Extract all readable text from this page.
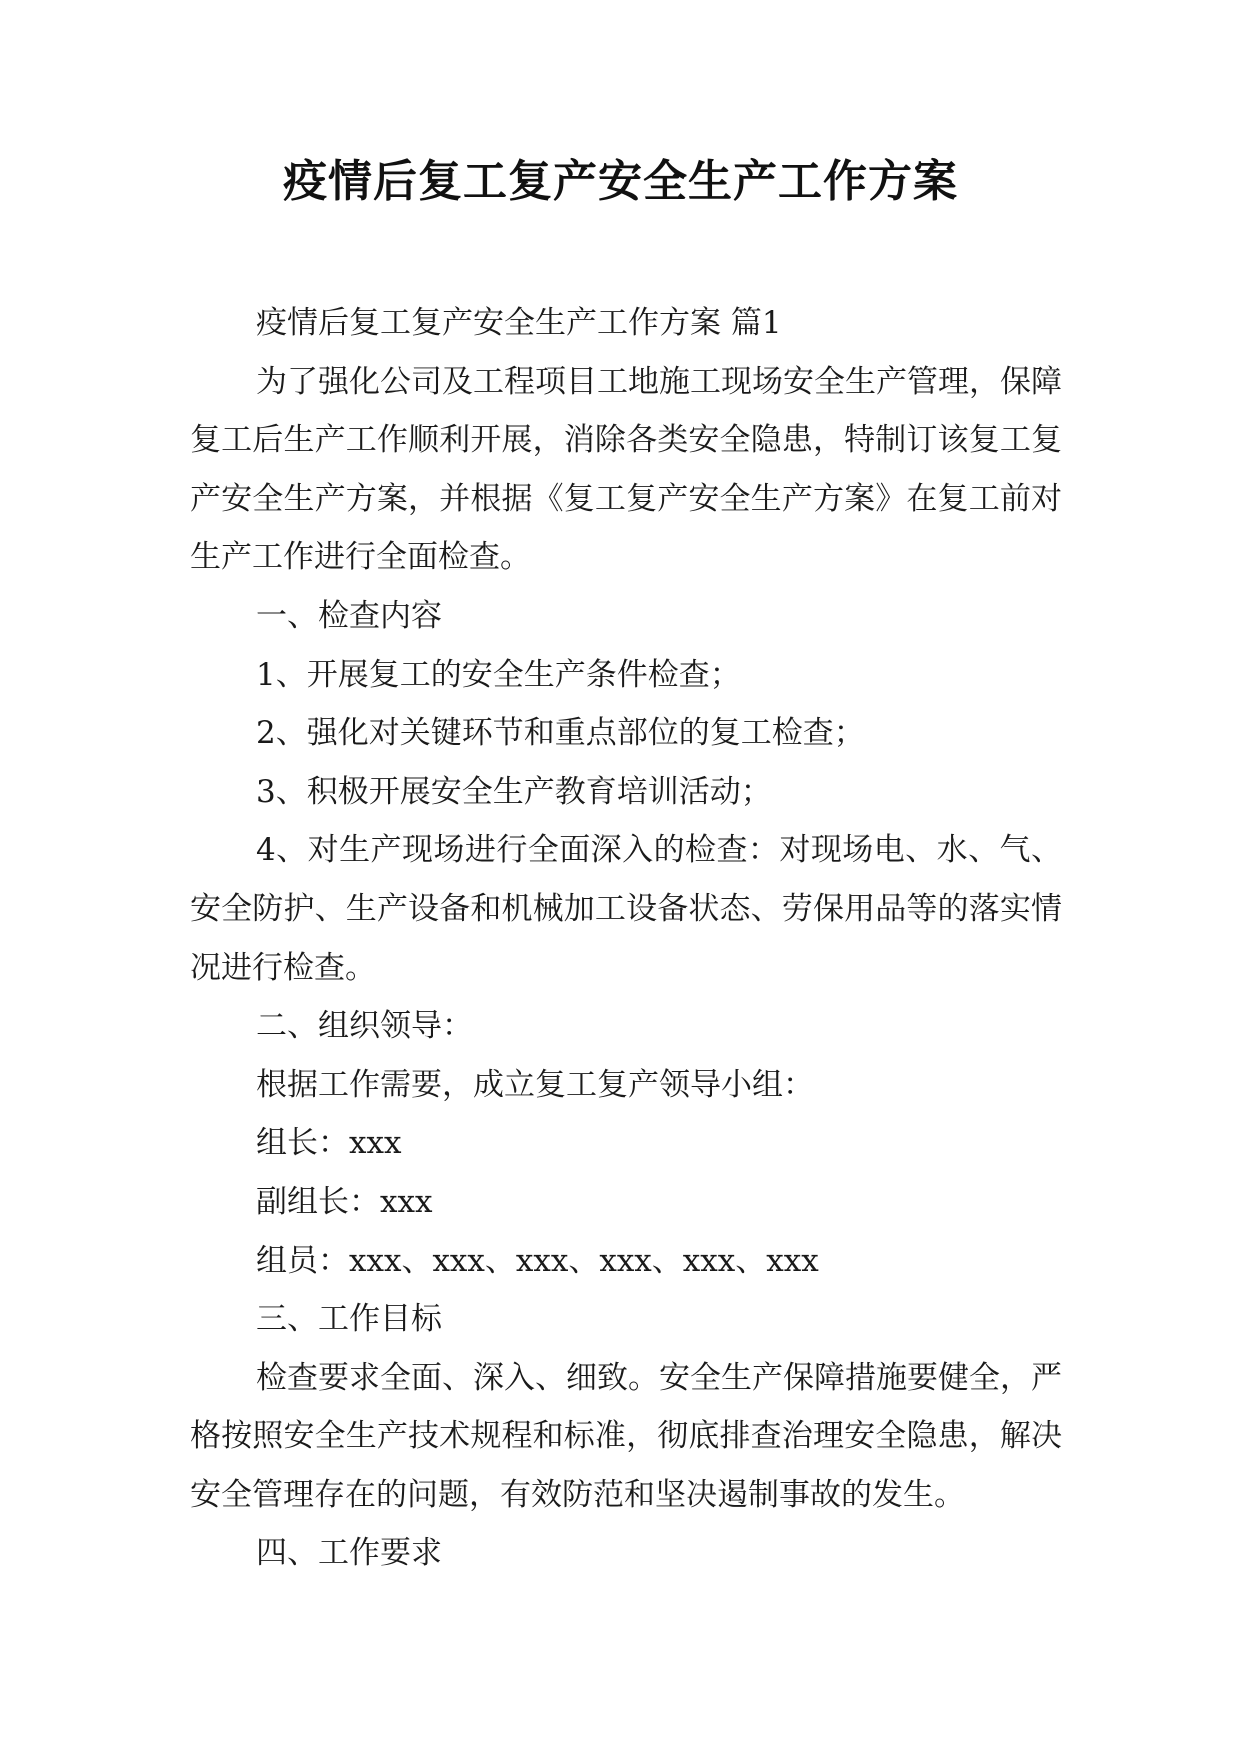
疫情后复工复产安全生产工作方案

疫情后复工复产安全生产工作方案 篇1

为了强化公司及工程项目工地施工现场安全生产管理，保障复工后生产工作顺利开展，消除各类安全隐患，特制订该复工复产安全生产方案，并根据《复工复产安全生产方案》在复工前对生产工作进行全面检查。

一、检查内容

1、开展复工的安全生产条件检查；

2、强化对关键环节和重点部位的复工检查；

3、积极开展安全生产教育培训活动；

4、对生产现场进行全面深入的检查：对现场电、水、气、安全防护、生产设备和机械加工设备状态、劳保用品等的落实情况进行检查。

二、组织领导：

根据工作需要，成立复工复产领导小组：

组长：xxx

副组长：xxx

组员：xxx、xxx、xxx、xxx、xxx、xxx

三、工作目标

检查要求全面、深入、细致。安全生产保障措施要健全，严格按照安全生产技术规程和标准，彻底排查治理安全隐患，解决安全管理存在的问题，有效防范和坚决遏制事故的发生。

四、工作要求
